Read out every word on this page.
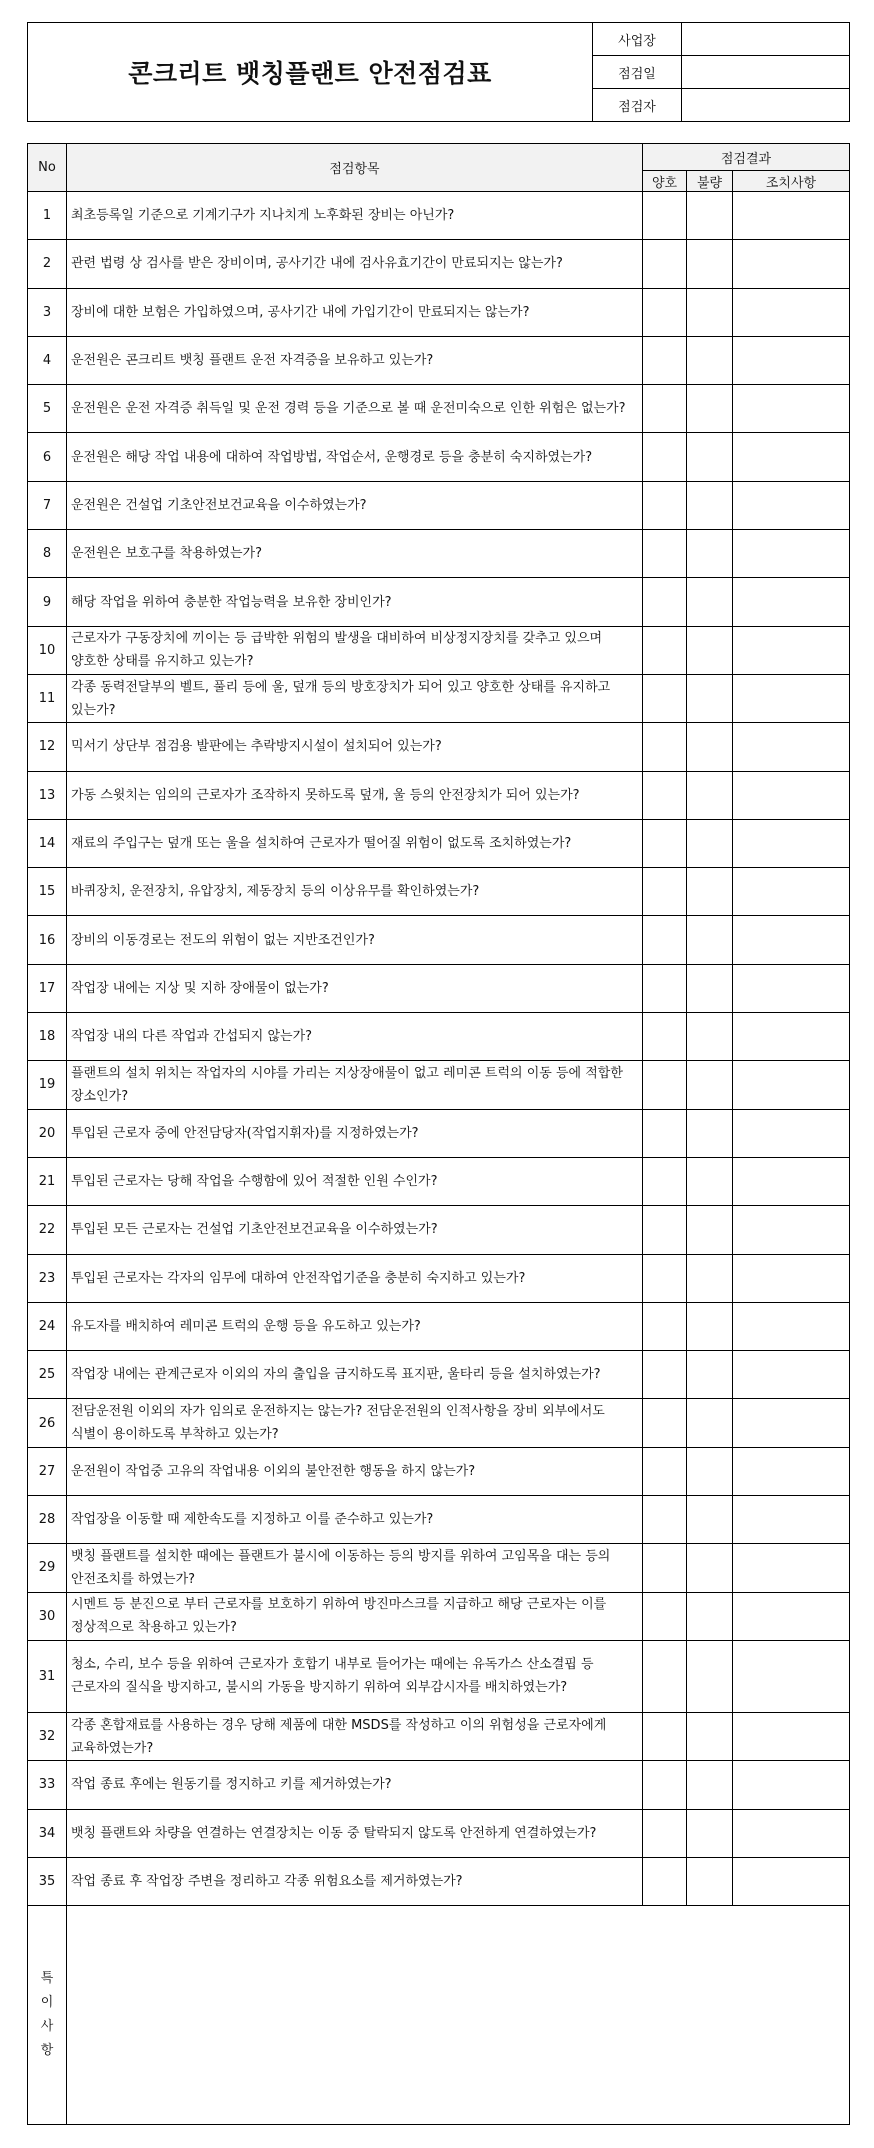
콘크리트 뱃칭플랜트 안전점검표	사업장	
	점검일	
	점검자	
No	점검항목	점검결과		
		양호	불량	조치사항
1	최초등록일 기준으로 기계기구가 지나치게 노후화된 장비는 아닌가?			
2	관련 법령 상 검사를 받은 장비이며, 공사기간 내에 검사유효기간이 만료되지는 않는가?			
3	장비에 대한 보험은 가입하였으며, 공사기간 내에 가입기간이 만료되지는 않는가?			
4	운전원은 콘크리트 뱃칭 플랜트 운전 자격증을 보유하고 있는가?			
5	운전원은 운전 자격증 취득일 및 운전 경력 등을 기준으로 볼 때 운전미숙으로 인한 위험은 없는가?			
6	운전원은 해당 작업 내용에 대하여 작업방법, 작업순서, 운행경로 등을 충분히 숙지하였는가?			
7	운전원은 건설업 기초안전보건교육을 이수하였는가?			
8	운전원은 보호구를 착용하였는가?			
9	해당 작업을 위하여 충분한 작업능력을 보유한 장비인가?			
10	근로자가 구동장치에 끼이는 등 급박한 위험의 발생을 대비하여 비상정지장치를 갖추고 있으며 양호한 상태를 유지하고 있는가?			
11	각종 동력전달부의 벨트, 풀리 등에 울, 덮개 등의 방호장치가 되어 있고 양호한 상태를 유지하고 있는가?			
12	믹서기 상단부 점검용 발판에는 추락방지시설이 설치되어 있는가?			
13	가동 스윗치는 임의의 근로자가 조작하지 못하도록 덮개, 울 등의 안전장치가 되어 있는가?			
14	재료의 주입구는 덮개 또는 울을 설치하여 근로자가 떨어질 위험이 없도록 조치하였는가?			
15	바퀴장치, 운전장치, 유압장치, 제동장치 등의 이상유무를 확인하였는가?			
16	장비의 이동경로는 전도의 위험이 없는 지반조건인가?			
17	작업장 내에는 지상 및 지하 장애물이 없는가?			
18	작업장 내의 다른 작업과 간섭되지 않는가?			
19	플랜트의 설치 위치는 작업자의 시야를 가리는 지상장애물이 없고 레미콘 트럭의 이동 등에 적합한 장소인가?			
20	투입된 근로자 중에 안전담당자(작업지휘자)를 지정하였는가?			
21	투입된 근로자는 당해 작업을 수행함에 있어 적절한 인원 수인가?			
22	투입된 모든 근로자는 건설업 기초안전보건교육을 이수하였는가?			
23	투입된 근로자는 각자의 임무에 대하여 안전작업기준을 충분히 숙지하고 있는가?			
24	유도자를 배치하여 레미콘 트럭의 운행 등을 유도하고 있는가?			
25	작업장 내에는 관계근로자 이외의 자의 출입을 금지하도록 표지판, 울타리 등을 설치하였는가?			
26	전담운전원 이외의 자가 임의로 운전하지는 않는가? 전담운전원의 인적사항을 장비 외부에서도 식별이 용이하도록 부착하고 있는가?			
27	운전원이 작업중 고유의 작업내용 이외의 불안전한 행동을 하지 않는가?			
28	작업장을 이동할 때 제한속도를 지정하고 이를 준수하고 있는가?			
29	뱃칭 플랜트를 설치한 때에는 플랜트가 불시에 이동하는 등의 방지를 위하여 고임목을 대는 등의 안전조치를 하였는가?			
30	시멘트 등 분진으로 부터 근로자를 보호하기 위하여 방진마스크를 지급하고 해당 근로자는 이를 정상적으로 착용하고 있는가?			
31	청소, 수리, 보수 등을 위하여 근로자가 호합기 내부로 들어가는 때에는 유독가스 산소결핍 등 근로자의 질식을 방지하고, 불시의 가동을 방지하기 위하여 외부감시자를 배치하였는가?			
32	각종 혼합재료를 사용하는 경우 당해 제품에 대한 MSDS를 작성하고 이의 위험성을 근로자에게 교육하였는가?			
33	작업 종료 후에는 원동기를 정지하고 키를 제거하였는가?			
34	뱃칭 플랜트와 차량을 연결하는 연결장치는 이동 중 탈락되지 않도록 안전하게 연결하였는가?			
35	작업 종료 후 작업장 주변을 정리하고 각종 위험요소를 제거하였는가?			

특
이
사
항				
